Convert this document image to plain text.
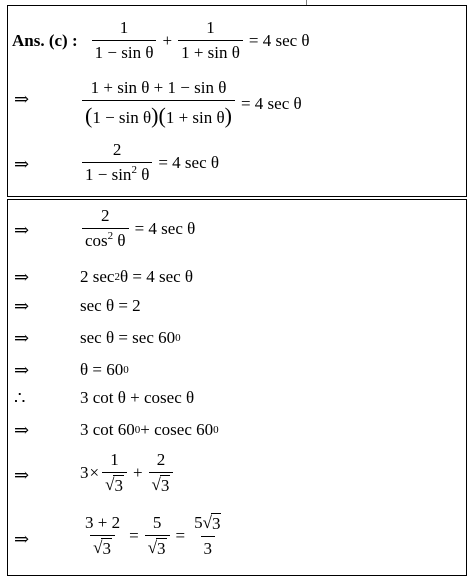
Ans. (c) : $\frac{1}{\text{1 − sin θ}} + \frac{1}{\text{1 + sin θ}} = 4$ sec θ
⇒	$\frac{\text{1 + sin θ + 1 − sin θ}}{\text{(1 − sin θ)(1 + sin θ)}} = 4$ sec θ
⇒	$\frac{2}{1 - \sin^2 \theta} = 4$ sec θ
⇒	$\frac{2}{\cos^2 \theta} = 4$ sec θ
⇒	2 sec 2 θ = 4 sec θ
⇒	sec θ = 2
⇒	sec θ = sec 60 0
⇒	θ = 60 0
∴	3 cot θ + cosec θ
⇒	3 cot 60 0 + cosec 60 0
⇒	$3 \times \frac{1}{√ 3} + \frac{2}{√ 3}$
⇒	$\frac{3 + 2}{√ 3} = \frac{5}{√ 3} = \frac{5 √ 3}{3}$
